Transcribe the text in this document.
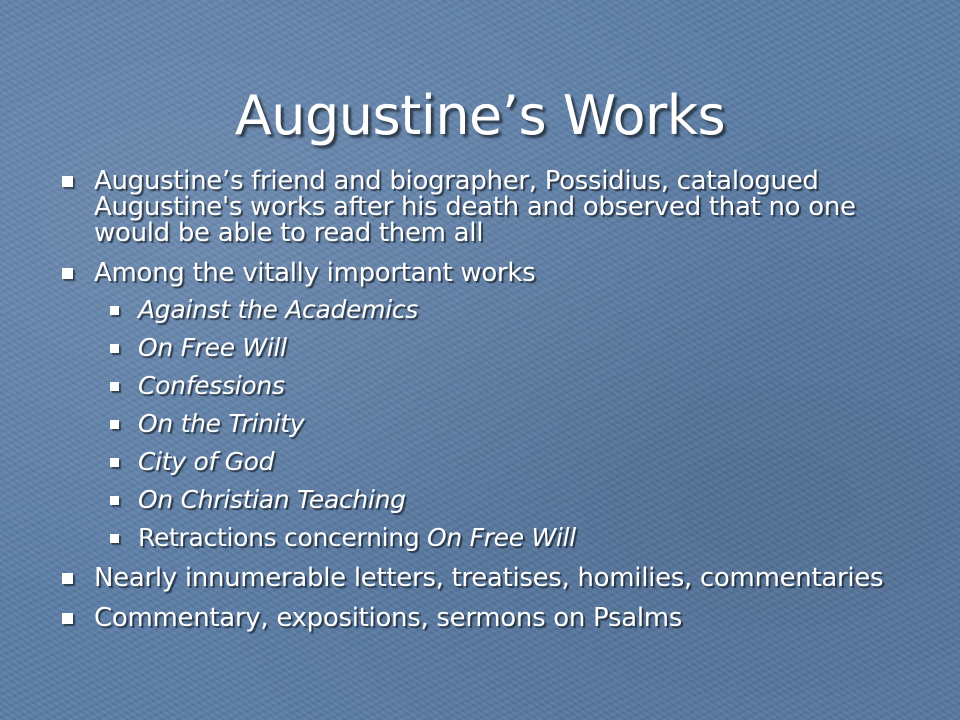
Augustine’s Works
Augustine’s friend and biographer, Possidius, catalogued Augustine's works after his death and observed that no one would be able to read them all
Among the vitally important works
Against the Academics
On Free Will
Confessions
On the Trinity
City of God
On Christian Teaching
Retractions concerning On Free Will
Nearly innumerable letters, treatises, homilies, commentaries
Commentary, expositions, sermons on Psalms
